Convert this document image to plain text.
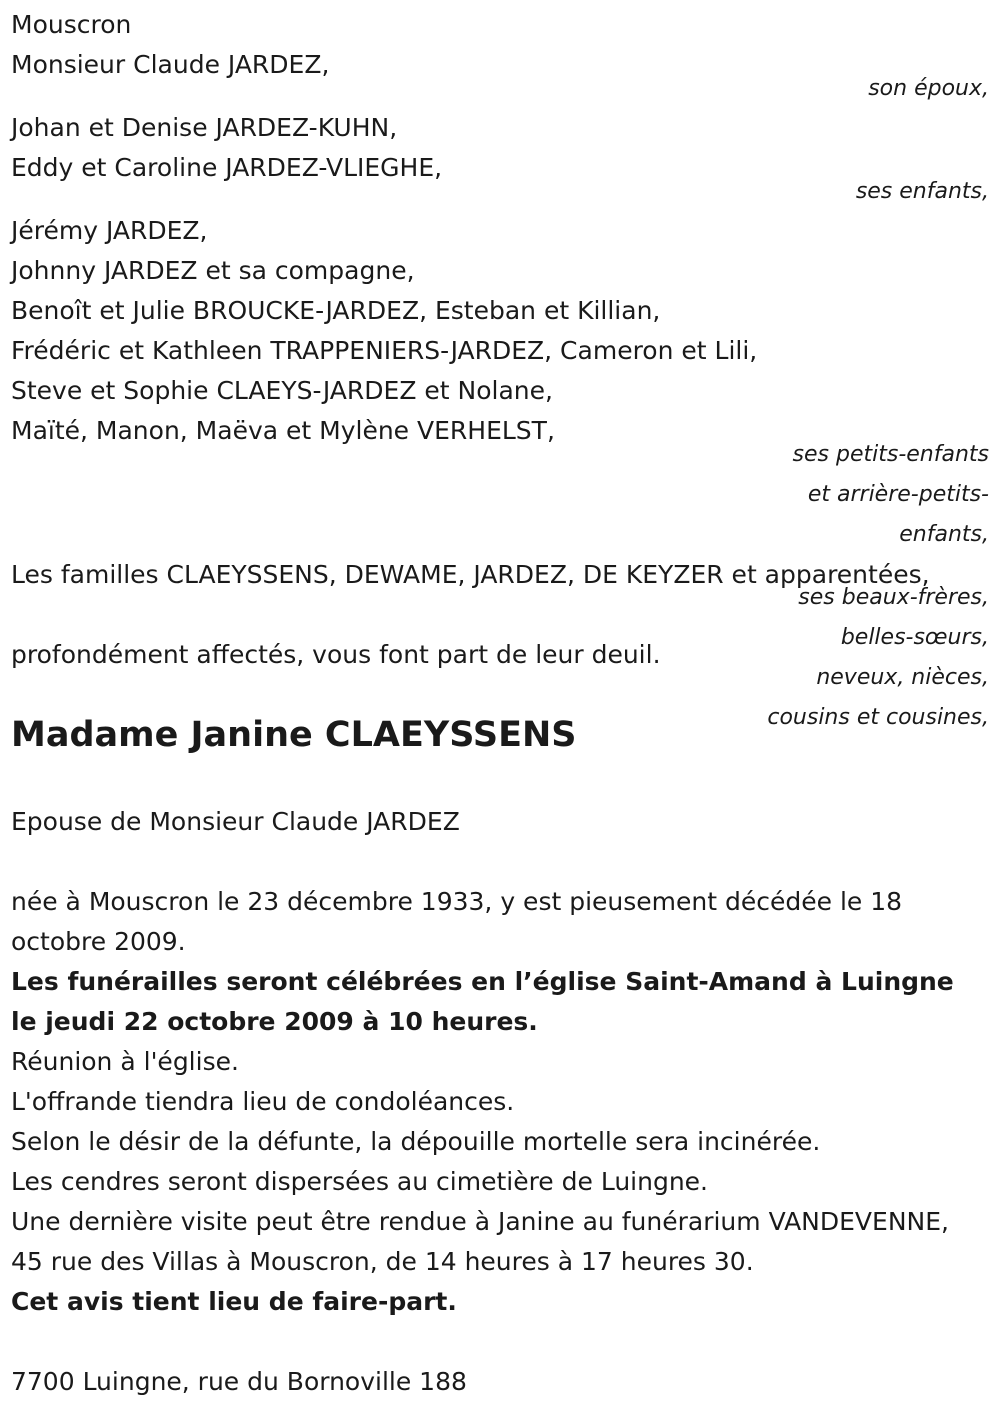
Mouscron

Monsieur Claude JARDEZ,

son époux,

Johan et Denise JARDEZ-KUHN,

Eddy et Caroline JARDEZ-VLIEGHE,

ses enfants,

Jérémy JARDEZ,

Johnny JARDEZ et sa compagne,

Benoît et Julie BROUCKE-JARDEZ, Esteban et Killian,

Frédéric et Kathleen TRAPPENIERS-JARDEZ, Cameron et Lili,

Steve et Sophie CLAEYS-JARDEZ et Nolane,

Maïté, Manon, Maëva et Mylène VERHELST,

ses petits-enfants

et arrière-petits-

enfants,

Les familles CLAEYSSENS, DEWAME, JARDEZ, DE KEYZER et apparentées,

ses beaux-frères,

belles-sœurs,

neveux, nièces,

cousins et cousines,

profondément affectés, vous font part de leur deuil.

Madame Janine CLAEYSSENS

Epouse de Monsieur Claude JARDEZ

née à Mouscron le 23 décembre 1933, y est pieusement décédée le 18 octobre 2009.

Les funérailles seront célébrées en l’église Saint-Amand à Luingne le jeudi 22 octobre 2009 à 10 heures.

Réunion à l'église.

L'offrande tiendra lieu de condoléances.

Selon le désir de la défunte, la dépouille mortelle sera incinérée.

Les cendres seront dispersées au cimetière de Luingne.

Une dernière visite peut être rendue à Janine au funérarium VANDEVENNE, 45 rue des Villas à Mouscron, de 14 heures à 17 heures 30.

Cet avis tient lieu de faire-part.

7700 Luingne, rue du Bornoville 188
